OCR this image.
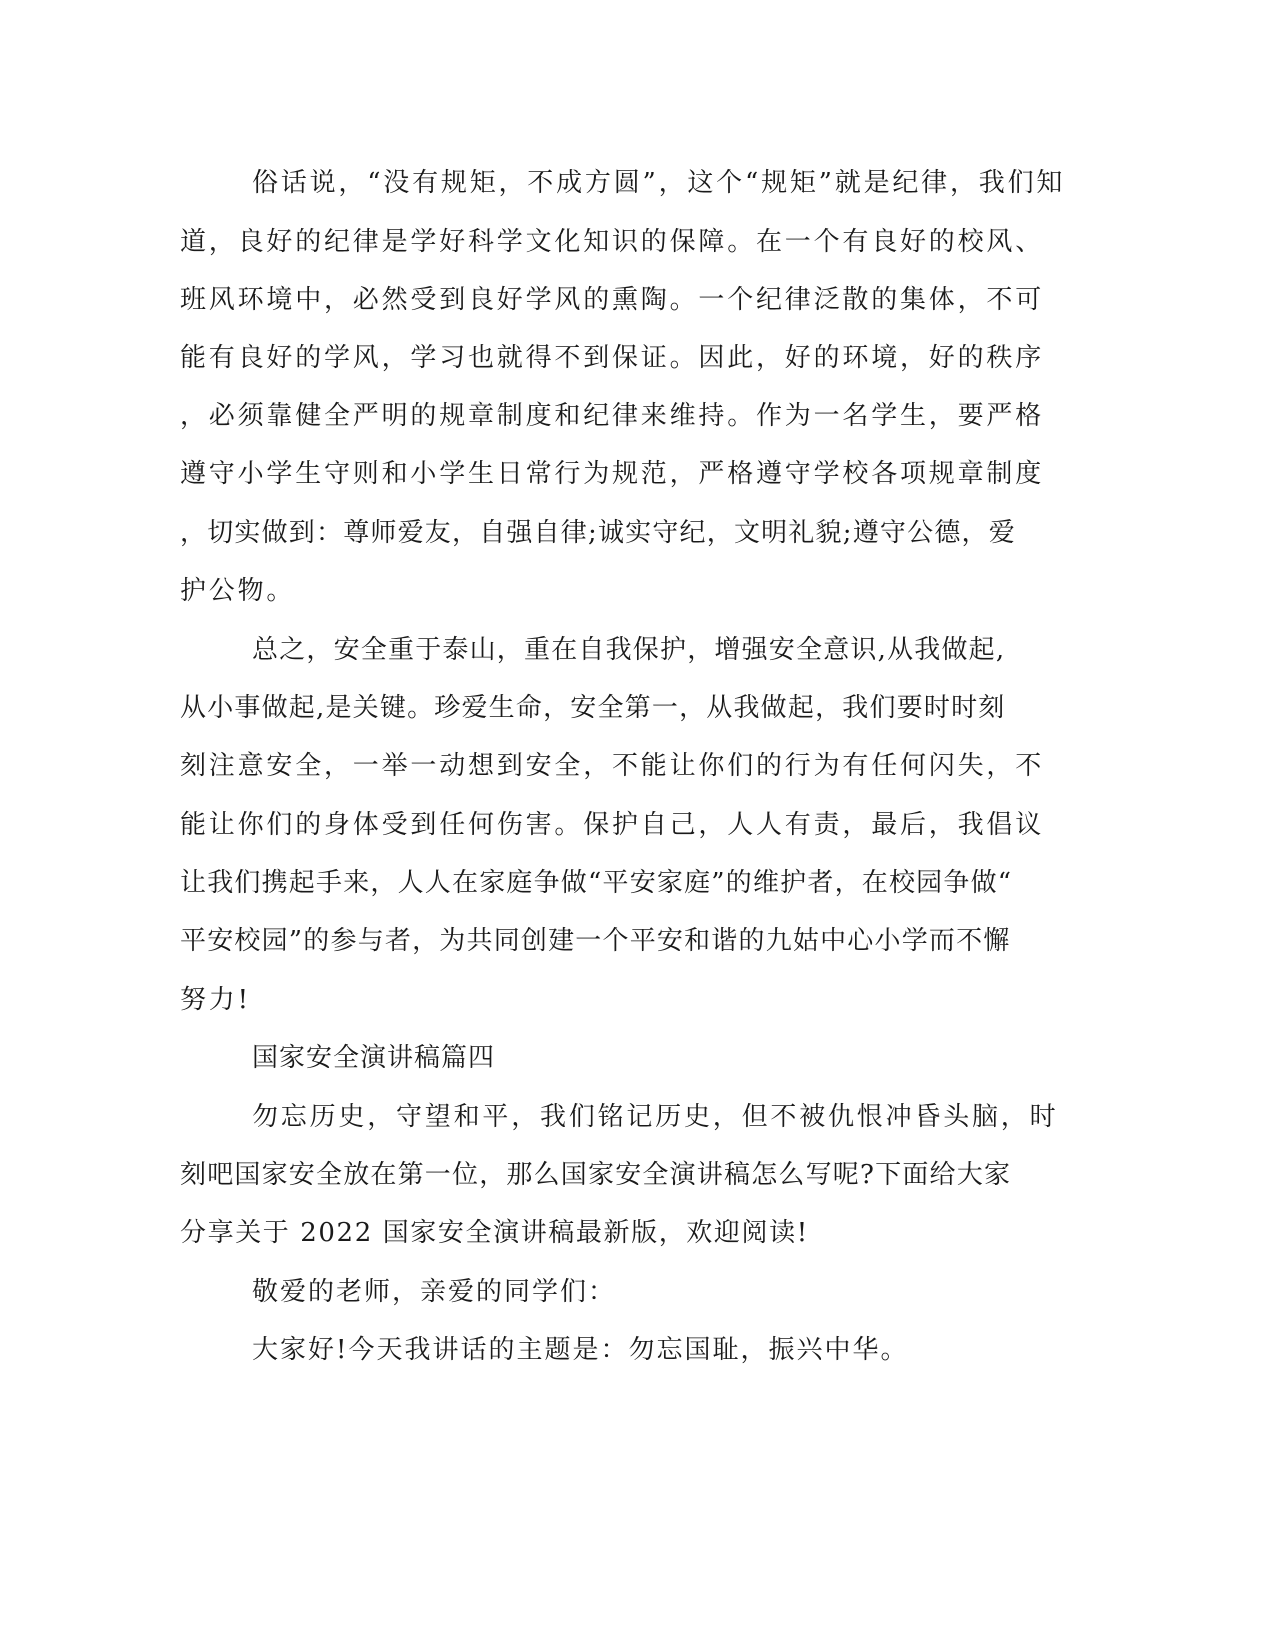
俗话说，“没有规矩，不成方圆”，这个“规矩”就是纪律，我们知
道，良好的纪律是学好科学文化知识的保障。在一个有良好的校风、
班风环境中，必然受到良好学风的熏陶。一个纪律泛散的集体，不可
能有良好的学风，学习也就得不到保证。因此，好的环境，好的秩序
，必须靠健全严明的规章制度和纪律来维持。作为一名学生，要严格
遵守小学生守则和小学生日常行为规范，严格遵守学校各项规章制度
，切实做到：尊师爱友，自强自律;诚实守纪，文明礼貌;遵守公德，爱
护公物。
总之，安全重于泰山，重在自我保护，增强安全意识,从我做起,
从小事做起,是关键。珍爱生命，安全第一，从我做起，我们要时时刻
刻注意安全，一举一动想到安全，不能让你们的行为有任何闪失，不
能让你们的身体受到任何伤害。保护自己，人人有责，最后，我倡议
让我们携起手来，人人在家庭争做“平安家庭”的维护者，在校园争做“
平安校园”的参与者，为共同创建一个平安和谐的九姑中心小学而不懈
努力!
国家安全演讲稿篇四
勿忘历史，守望和平，我们铭记历史，但不被仇恨冲昏头脑，时
刻吧国家安全放在第一位，那么国家安全演讲稿怎么写呢?下面给大家
分享关于 2022 国家安全演讲稿最新版，欢迎阅读!
敬爱的老师，亲爱的同学们：
大家好!今天我讲话的主题是：勿忘国耻，振兴中华。
